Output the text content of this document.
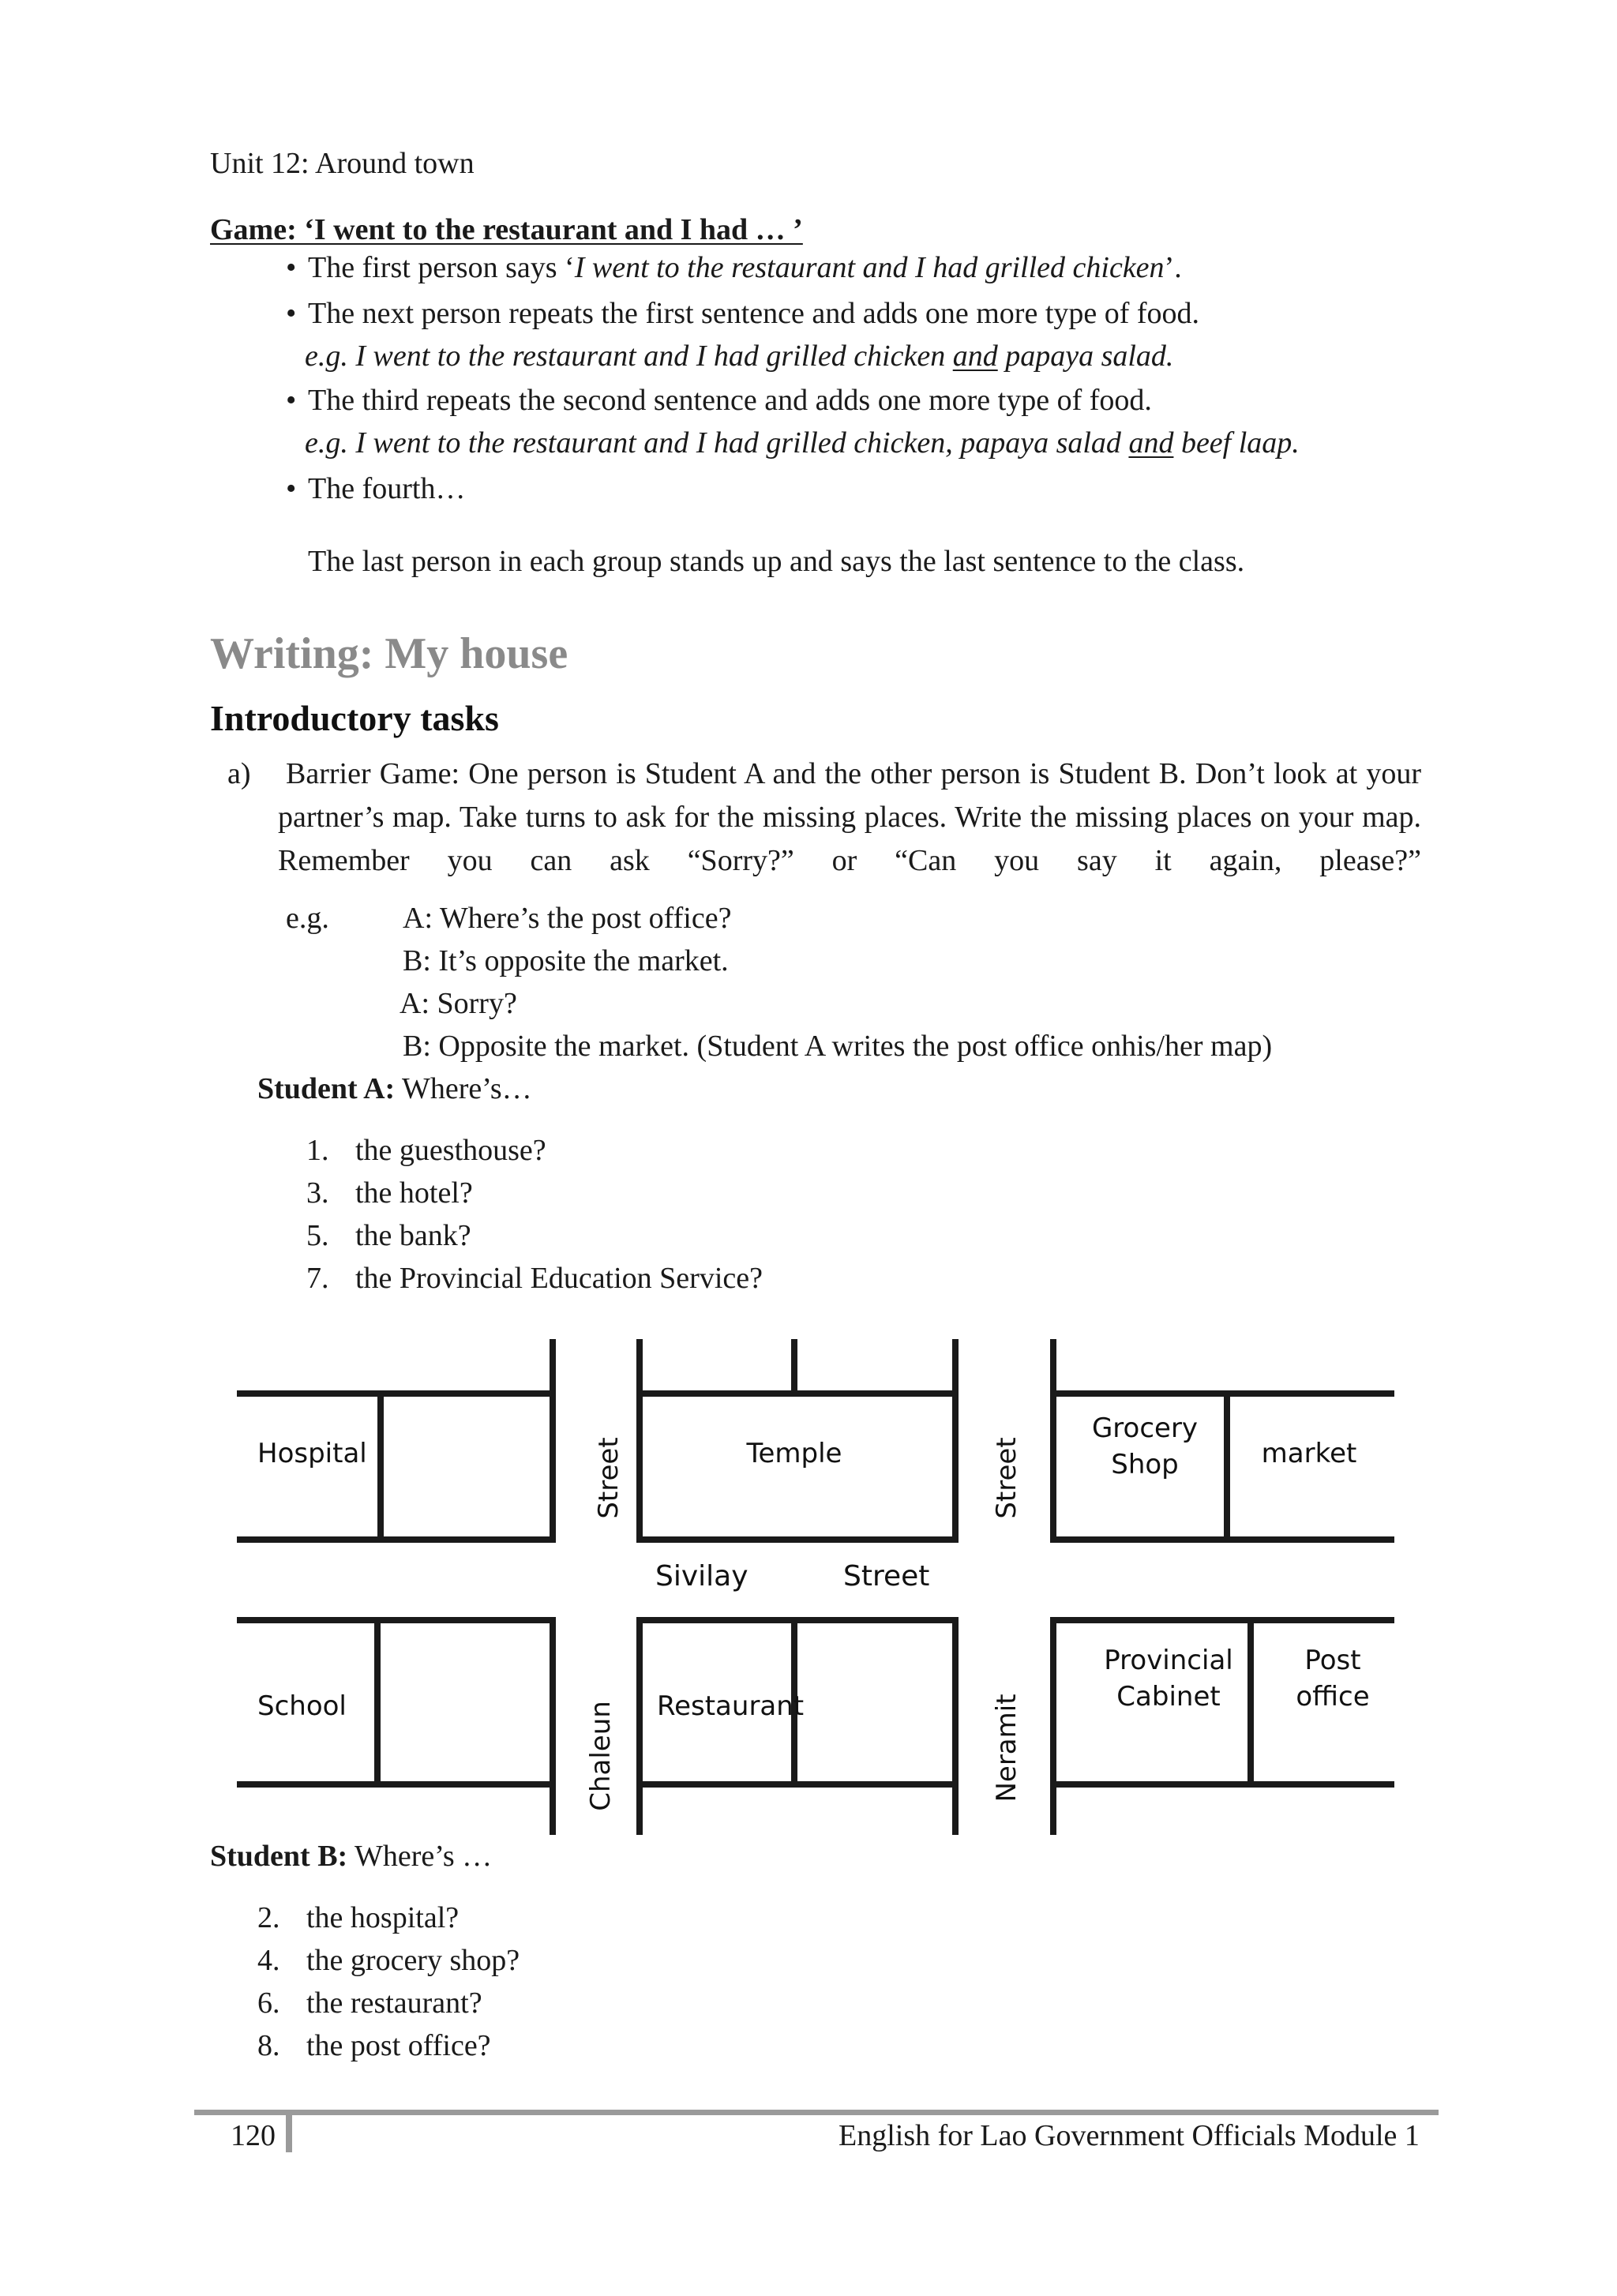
Unit 12: Around town
Game: ‘I went to the restaurant and I had … ’
•The first person says ‘I went to the restaurant and I had grilled chicken’.
•The next person repeats the first sentence and adds one more type of food.
e.g. I went to the restaurant and I had grilled chicken and papaya salad.
•The third repeats the second sentence and adds one more type of food.
e.g. I went to the restaurant and I had grilled chicken, papaya salad and beef laap.
•The fourth…
The last person in each group stands up and says the last sentence to the class.
Writing: My house
Introductory tasks
a) Barrier Game: One person is Student A and the other person is Student B. Don’t look at your partner’s map. Take turns to ask for the missing places. Write the missing places on your map. Remember you can ask “Sorry?” or “Can you say it again, please?”
e.g. A: Where’s the post office?
B: It’s opposite the market.
A: Sorry?
B: Opposite the market. (Student A writes the post office onhis/her map)
Student A: Where’s…
1. the guesthouse?
3. the hotel?
5. the bank?
7. the Provincial Education Service?
Hospital	Temple
Grocery
Shop	market
Street	Street
Sivilay	Street
School	Restaurant
Provincial
Cabinet
Post
office
Chaleun	Neramit
Student B: Where’s …
2. the hospital?
4. the grocery shop?
6. the restaurant?
8. the post office?
120	English for Lao Government Officials Module 1
